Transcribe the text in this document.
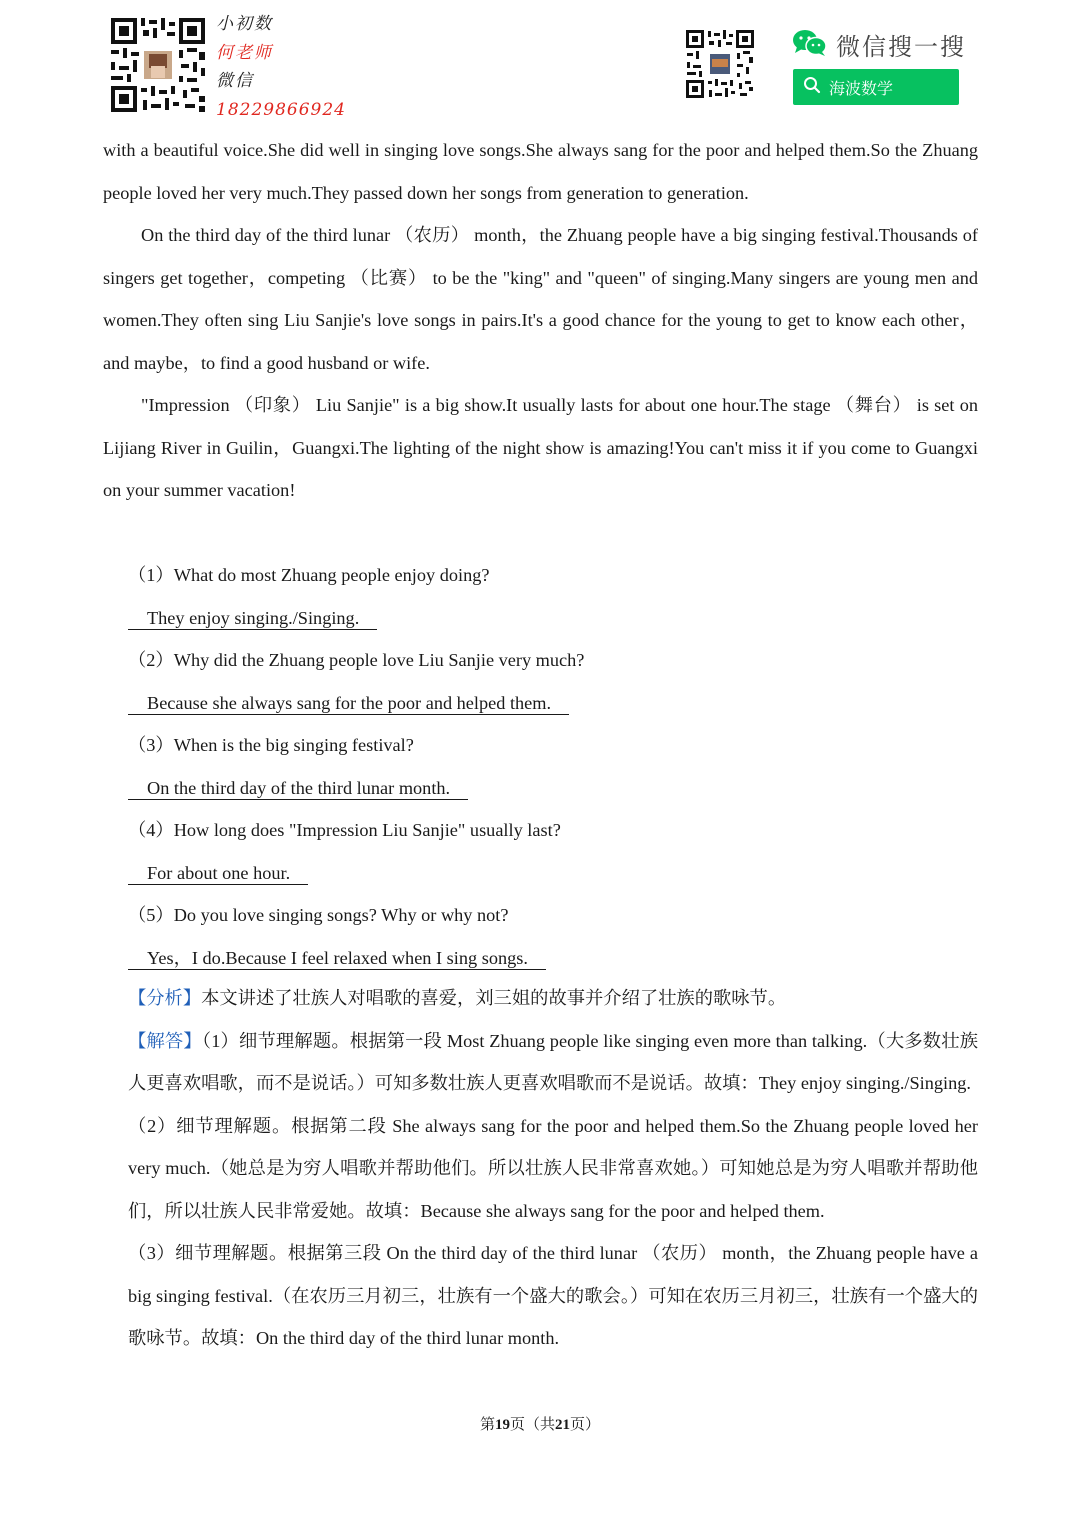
小初数
何老师
微信
18229866924
微信搜一搜
海波数学

with a beautiful voice.She did well in singing love songs.She always sang for the poor and helped them.So the Zhuang people loved her very much.They passed down her songs from generation to generation.

On the third day of the third lunar （农历） month，the Zhuang people have a big singing festival.Thousands of singers get together，competing （比赛） to be the "king" and "queen" of singing.Many singers are young men and women.They often sing Liu Sanjie's love songs in pairs.It's a good chance for the young to get to know each other，and maybe，to find a good husband or wife.

"Impression （印象） Liu Sanjie" is a big show.It usually lasts for about one hour.The stage （舞台） is set on Lijiang River in Guilin，Guangxi.The lighting of the night show is amazing!You can't miss it if you come to Guangxi on your summer vacation!

（1）What do most Zhuang people enjoy doing?

They enjoy singing./Singing.

（2）Why did the Zhuang people love Liu Sanjie very much?

Because she always sang for the poor and helped them.

（3）When is the big singing festival?

On the third day of the third lunar month.

（4）How long does "Impression Liu Sanjie" usually last?

For about one hour.

（5）Do you love singing songs? Why or why not?

Yes，I do.Because I feel relaxed when I sing songs.

【分析】本文讲述了壮族人对唱歌的喜爱，刘三姐的故事并介绍了壮族的歌咏节。

【解答】（1）细节理解题。根据第一段 Most Zhuang people like singing even more than talking.（大多数壮族人更喜欢唱歌，而不是说话。）可知多数壮族人更喜欢唱歌而不是说话。故填：They enjoy singing./Singing.

（2）细节理解题。根据第二段 She always sang for the poor and helped them.So the Zhuang people loved her very much.（她总是为穷人唱歌并帮助他们。所以壮族人民非常喜欢她。）可知她总是为穷人唱歌并帮助他们，所以壮族人民非常爱她。故填：Because she always sang for the poor and helped them.

（3）细节理解题。根据第三段 On the third day of the third lunar （农历） month，the Zhuang people have a big singing festival.（在农历三月初三，壮族有一个盛大的歌会。）可知在农历三月初三，壮族有一个盛大的歌咏节。故填：On the third day of the third lunar month.

第19页（共21页）
